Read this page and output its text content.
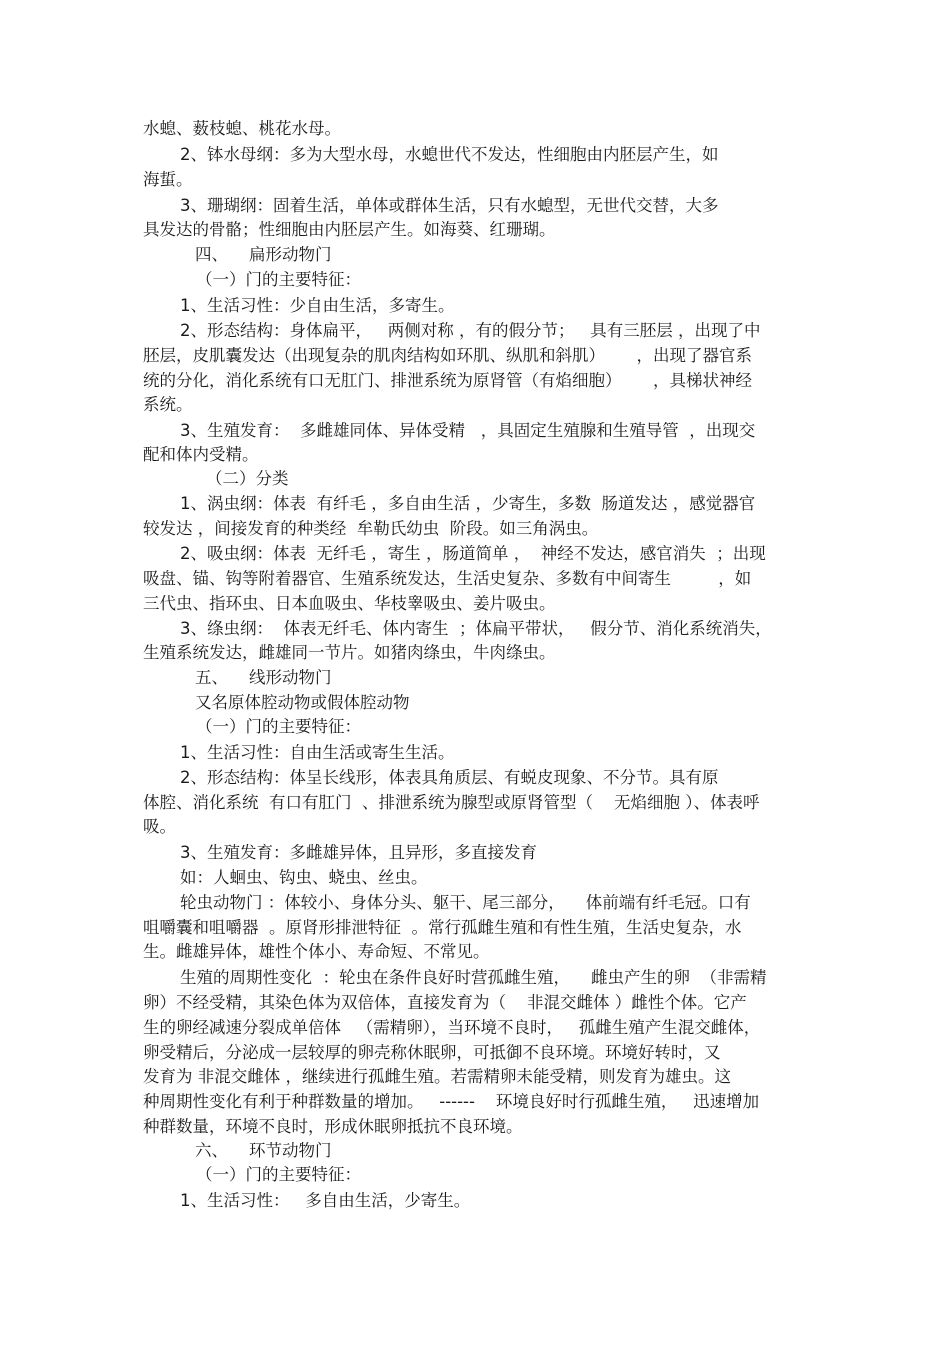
水螅、薮枝螅、桃花水母。
2、钵水母纲：多为大型水母，水螅世代不发达，性细胞由内胚层产生，如
海蜇。
3、珊瑚纲：固着生活，单体或群体生活，只有水螅型，无世代交替，大多
具发达的骨骼；性细胞由内胚层产生。如海葵、红珊瑚。
四、    扁形动物门
（一）门的主要特征：
1、生活习性：少自由生活，多寄生。
2、形态结构：身体扁平，   两侧对称 ，有的假分节；   具有三胚层 ，出现了中
胚层，皮肌囊发达（出现复杂的肌肉结构如环肌、纵肌和斜肌）      ，出现了器官系
统的分化，消化系统有口无肛门、排泄系统为原肾管（有焰细胞）      ，具梯状神经
系统。
3、生殖发育：  多雌雄同体、异体受精   ，具固定生殖腺和生殖导管  ，出现交
配和体内受精。
（二）分类
1、涡虫纲：体表  有纤毛 ，多自由生活 ，少寄生，多数  肠道发达 ，感觉器官
较发达 ，间接发育的种类经  牟勒氏幼虫  阶段。如三角涡虫。
2、吸虫纲：体表  无纤毛 ，寄生 ，肠道简单 ，  神经不发达，感官消失  ；出现
吸盘、锚、钩等附着器官、生殖系统发达，生活史复杂、多数有中间寄生         ，如
三代虫、指环虫、日本血吸虫、华枝睾吸虫、姜片吸虫。
3、绦虫纲：  体表无纤毛、体内寄生  ；体扁平带状，   假分节、消化系统消失，
生殖系统发达，雌雄同一节片。如猪肉绦虫，牛肉绦虫。
五、    线形动物门
又名原体腔动物或假体腔动物
（一）门的主要特征：
1、生活习性：自由生活或寄生生活。
2、形态结构：体呈长线形，体表具角质层、有蜕皮现象、不分节。具有原
体腔、消化系统  有口有肛门  、排泄系统为腺型或原肾管型（    无焰细胞 ）、体表呼
吸。
3、生殖发育：多雌雄异体，且异形，多直接发育
如：人蛔虫、钩虫、蛲虫、丝虫。
轮虫动物门 ：体较小、身体分头、躯干、尾三部分，    体前端有纤毛冠。口有
咀嚼囊和咀嚼器  。原肾形排泄特征  。常行孤雌生殖和有性生殖，生活史复杂，水
生。雌雄异体，雄性个体小、寿命短、不常见。
生殖的周期性变化  ：轮虫在条件良好时营孤雌生殖，    雌虫产生的卵  （非需精
卵）不经受精，其染色体为双倍体，直接发育为（    非混交雌体 ）雌性个体。它产
生的卵经减速分裂成单倍体   （需精卵），当环境不良时，   孤雌生殖产生混交雌体，
卵受精后，分泌成一层较厚的卵壳称休眠卵，可抵御不良环境。环境好转时，又
发育为 非混交雌体 ，继续进行孤雌生殖。若需精卵未能受精，则发育为雄虫。这
种周期性变化有利于种群数量的增加。   ------    环境良好时行孤雌生殖，   迅速增加
种群数量，环境不良时，形成休眠卵抵抗不良环境。
六、    环节动物门
（一）门的主要特征：
1、生活习性：   多自由生活，少寄生。
